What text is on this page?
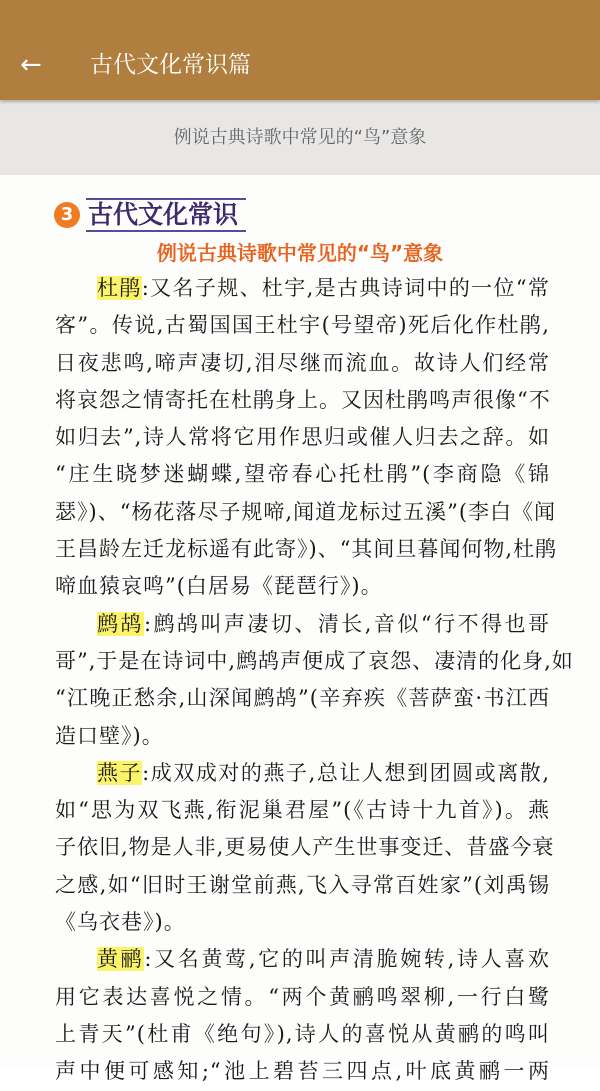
←	古代文化常识篇
例说古典诗歌中常见的“鸟”意象
3 古代文化常识
例说古典诗歌中常见的“鸟”意象
杜鹃:又名子规、杜宇,是古典诗词中的一位“常
客”。传说,古蜀国国王杜宇(号望帝)死后化作杜鹃,
日夜悲鸣,啼声凄切,泪尽继而流血。故诗人们经常
将哀怨之情寄托在杜鹃身上。又因杜鹃鸣声很像“不
如归去”,诗人常将它用作思归或催人归去之辞。如
“庄生晓梦迷蝴蝶,望帝春心托杜鹃”(李商隐《锦
瑟》)、“杨花落尽子规啼,闻道龙标过五溪”(李白《闻
王昌龄左迁龙标遥有此寄》)、“其间旦暮闻何物,杜鹃
啼血猿哀鸣”(白居易《琵琶行》)。
鹧鸪:鹧鸪叫声凄切、清长,音似“行不得也哥
哥”,于是在诗词中,鹧鸪声便成了哀怨、凄清的化身,如
“江晚正愁余,山深闻鹧鸪”(辛弃疾《菩萨蛮·书江西
造口壁》)。
燕子:成双成对的燕子,总让人想到团圆或离散,
如“思为双飞燕,衔泥巢君屋”(《古诗十九首》)。燕
子依旧,物是人非,更易使人产生世事变迁、昔盛今衰
之感,如“旧时王谢堂前燕,飞入寻常百姓家”(刘禹锡
《乌衣巷》)。
黄鹂:又名黄莺,它的叫声清脆婉转,诗人喜欢
用它表达喜悦之情。“两个黄鹂鸣翠柳,一行白鹭
上青天”(杜甫《绝句》),诗人的喜悦从黄鹂的鸣叫
声中便可感知;“池上碧苔三四点,叶底黄鹂一两
